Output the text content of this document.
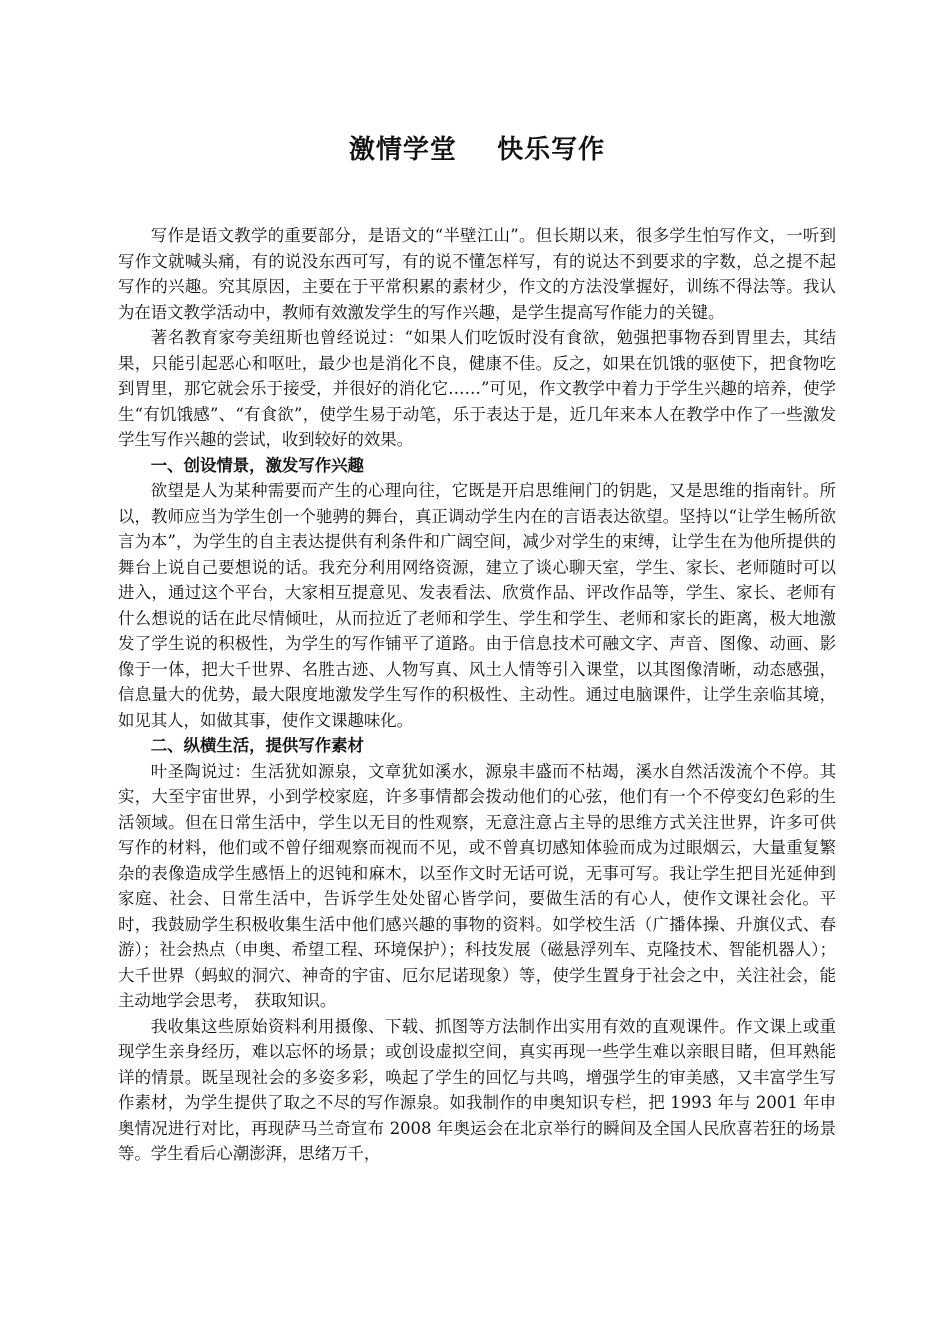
激情学堂    快乐写作

写作是语文教学的重要部分，是语文的“半壁江山”。但长期以来，很多学生怕写作文，一听到写作文就喊头痛，有的说没东西可写，有的说不懂怎样写，有的说达不到要求的字数，总之提不起写作的兴趣。究其原因，主要在于平常积累的素材少，作文的方法没掌握好，训练不得法等。我认为在语文教学活动中，教师有效激发学生的写作兴趣，是学生提高写作能力的关键。

著名教育家夸美纽斯也曾经说过：“如果人们吃饭时没有食欲，勉强把事物吞到胃里去，其结果，只能引起恶心和呕吐，最少也是消化不良，健康不佳。反之，如果在饥饿的驱使下，把食物吃到胃里，那它就会乐于接受，并很好的消化它……”可见，作文教学中着力于学生兴趣的培养，使学生“有饥饿感”、“有食欲”，使学生易于动笔，乐于表达于是，近几年来本人在教学中作了一些激发学生写作兴趣的尝试，收到较好的效果。

一、创设情景，激发写作兴趣

欲望是人为某种需要而产生的心理向往，它既是开启思维闸门的钥匙，又是思维的指南针。所以，教师应当为学生创一个驰骋的舞台，真正调动学生内在的言语表达欲望。坚持以“让学生畅所欲言为本”，为学生的自主表达提供有利条件和广阔空间，减少对学生的束缚，让学生在为他所提供的舞台上说自己要想说的话。我充分利用网络资源，建立了谈心聊天室，学生、家长、老师随时可以进入，通过这个平台，大家相互提意见、发表看法、欣赏作品、评改作品等，学生、家长、老师有什么想说的话在此尽情倾吐，从而拉近了老师和学生、学生和学生、老师和家长的距离，极大地激发了学生说的积极性，为学生的写作铺平了道路。由于信息技术可融文字、声音、图像、动画、影像于一体，把大千世界、名胜古迹、人物写真、风土人情等引入课堂，以其图像清晰，动态感强，信息量大的优势，最大限度地激发学生写作的积极性、主动性。通过电脑课件，让学生亲临其境，如见其人，如做其事，使作文课趣味化。

二、纵横生活，提供写作素材

叶圣陶说过：生活犹如源泉，文章犹如溪水，源泉丰盛而不枯竭，溪水自然活泼流个不停。其实，大至宇宙世界，小到学校家庭，许多事情都会拨动他们的心弦，他们有一个不停变幻色彩的生活领域。但在日常生活中，学生以无目的性观察，无意注意占主导的思维方式关注世界，许多可供写作的材料，他们或不曾仔细观察而视而不见，或不曾真切感知体验而成为过眼烟云，大量重复繁杂的表像造成学生感悟上的迟钝和麻木，以至作文时无话可说，无事可写。我让学生把目光延伸到家庭、社会、日常生活中，告诉学生处处留心皆学问，要做生活的有心人，使作文课社会化。平时，我鼓励学生积极收集生活中他们感兴趣的事物的资料。如学校生活（广播体操、升旗仪式、春游）；社会热点（申奥、希望工程、环境保护）；科技发展（磁悬浮列车、克隆技术、智能机器人）；大千世界（蚂蚁的洞穴、神奇的宇宙、厄尔尼诺现象）等，使学生置身于社会之中，关注社会，能主动地学会思考， 获取知识。

我收集这些原始资料利用摄像、下载、抓图等方法制作出实用有效的直观课件。作文课上或重现学生亲身经历，难以忘怀的场景；或创设虚拟空间，真实再现一些学生难以亲眼目睹，但耳熟能详的情景。既呈现社会的多姿多彩，唤起了学生的回忆与共鸣，增强学生的审美感，又丰富学生写作素材，为学生提供了取之不尽的写作源泉。如我制作的申奥知识专栏，把 1993 年与 2001 年申奥情况进行对比，再现萨马兰奇宣布 2008 年奥运会在北京举行的瞬间及全国人民欣喜若狂的场景等。学生看后心潮澎湃，思绪万千，
